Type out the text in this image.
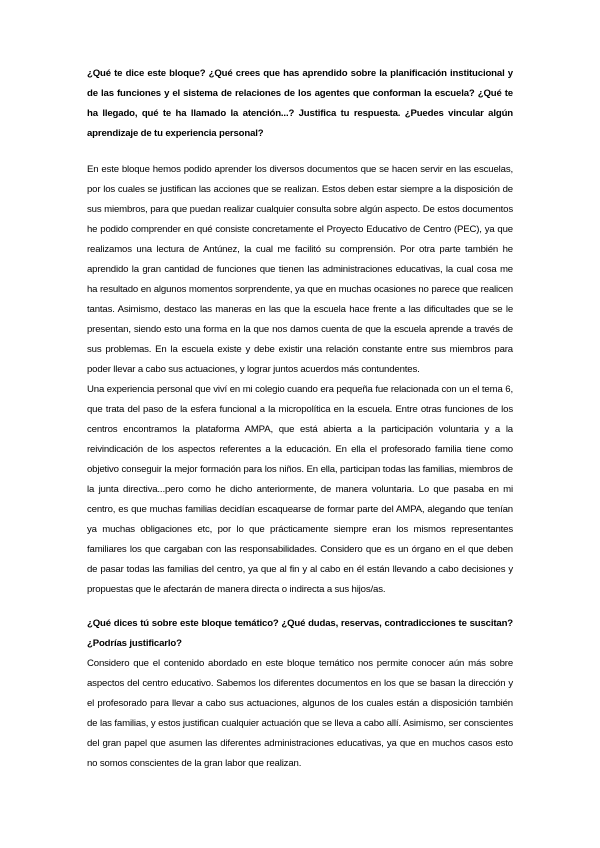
¿Qué te dice este bloque? ¿Qué crees que has aprendido sobre la planificación institucional y de las funciones y el sistema de relaciones de los agentes que conforman la escuela? ¿Qué te ha llegado, qué te ha llamado la atención...? Justifica tu respuesta. ¿Puedes vincular algún aprendizaje de tu experiencia personal?

En este bloque hemos podido aprender los diversos documentos que se hacen servir en las escuelas, por los cuales se justifican las acciones que se realizan. Estos deben estar siempre a la disposición de sus miembros, para que puedan realizar cualquier consulta sobre algún aspecto. De estos documentos he podido comprender en qué consiste concretamente el Proyecto Educativo de Centro (PEC), ya que realizamos una lectura de Antúnez, la cual me facilitó su comprensión. Por otra parte también he aprendido la gran cantidad de funciones que tienen las administraciones educativas, la cual cosa me ha resultado en algunos momentos sorprendente, ya que en muchas ocasiones no parece que realicen tantas. Asimismo, destaco las maneras en las que la escuela hace frente a las dificultades que se le presentan, siendo esto una forma en la que nos damos cuenta de que la escuela aprende a través de sus problemas. En la escuela existe y debe existir una relación constante entre sus miembros para poder llevar a cabo sus actuaciones, y lograr juntos acuerdos más contundentes.

Una experiencia personal que viví en mi colegio cuando era pequeña fue relacionada con un el tema 6, que trata del paso de la esfera funcional a la micropolítica en la escuela. Entre otras funciones de los centros encontramos la plataforma AMPA, que está abierta a la participación voluntaria y a la reivindicación de los aspectos referentes a la educación. En ella el profesorado familia tiene como objetivo conseguir la mejor formación para los niños. En ella, participan todas las familias, miembros de la junta directiva...pero como he dicho anteriormente, de manera voluntaria. Lo que pasaba en mi centro, es que muchas familias decidían escaquearse de formar parte del AMPA, alegando que tenían ya muchas obligaciones etc, por lo que prácticamente siempre eran los mismos representantes familiares los que cargaban con las responsabilidades. Considero que es un órgano en el que deben de pasar todas las familias del centro, ya que al fin y al cabo en él están llevando a cabo decisiones y propuestas que le afectarán de manera directa o indirecta a sus hijos/as.

¿Qué dices tú sobre este bloque temático? ¿Qué dudas, reservas, contradicciones te suscitan? ¿Podrías justificarlo?

Considero que el contenido abordado en este bloque temático nos permite conocer aún más sobre aspectos del centro educativo. Sabemos los diferentes documentos en los que se basan la dirección y el profesorado para llevar a cabo sus actuaciones, algunos de los cuales están a disposición también de las familias, y estos justifican cualquier actuación que se lleva a cabo allí. Asimismo, ser conscientes del gran papel que asumen las diferentes administraciones educativas, ya que en muchos casos esto no somos conscientes de la gran labor que realizan.
